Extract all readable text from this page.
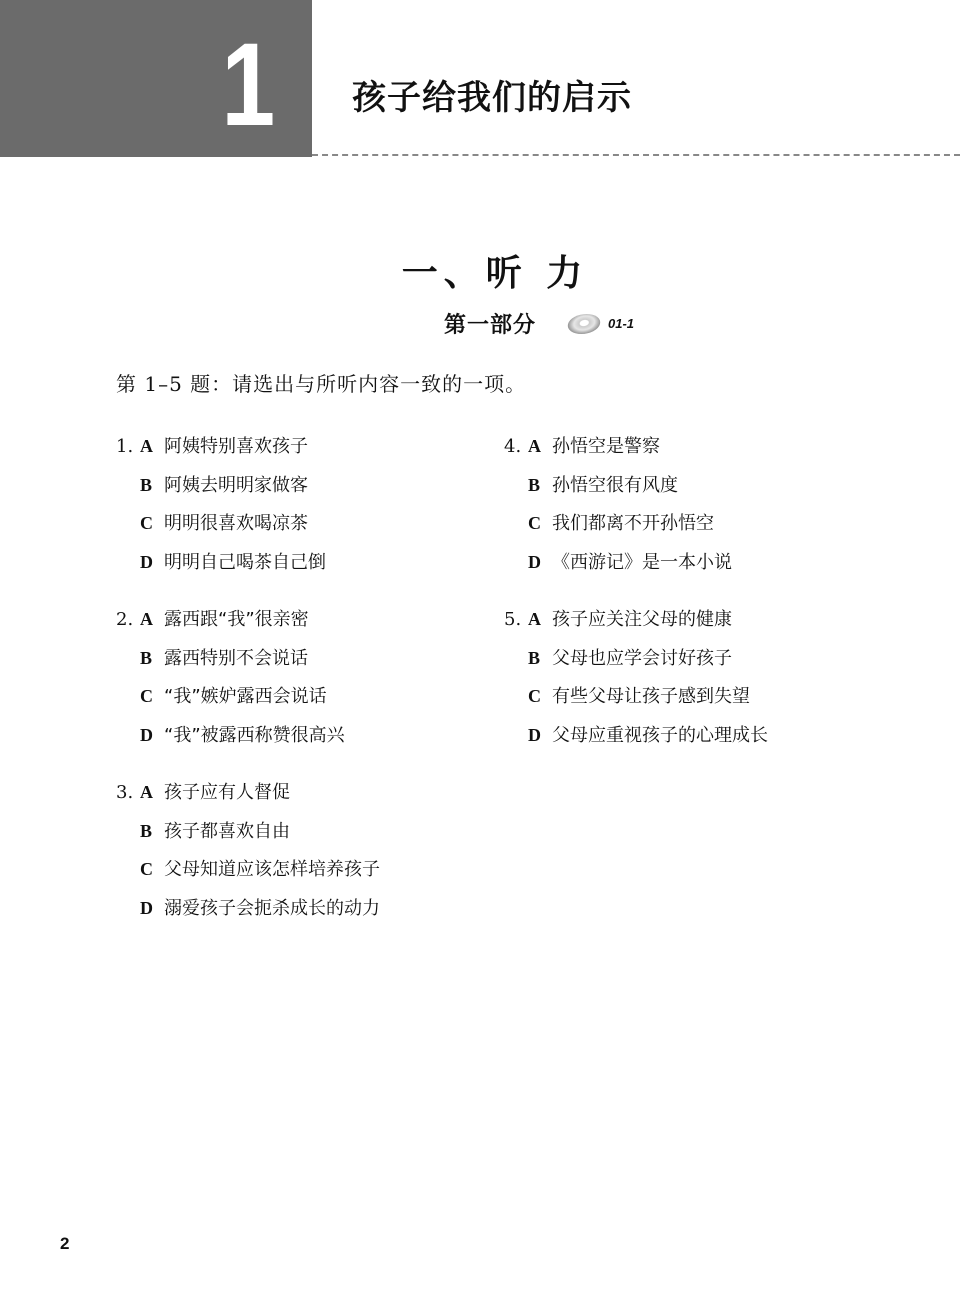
1 孩子给我们的启示
一、听 力
第一部分	01-1
第 1–5 题：请选出与所听内容一致的一项。
1. A 阿姨特别喜欢孩子
B 阿姨去明明家做客
C 明明很喜欢喝凉茶
D 明明自己喝茶自己倒
2. A 露西跟“我”很亲密
B 露西特别不会说话
C “我”嫉妒露西会说话
D “我”被露西称赞很高兴
3. A 孩子应有人督促
B 孩子都喜欢自由
C 父母知道应该怎样培养孩子
D 溺爱孩子会扼杀成长的动力
4. A 孙悟空是警察
B 孙悟空很有风度
C 我们都离不开孙悟空
D 《西游记》是一本小说
5. A 孩子应关注父母的健康
B 父母也应学会讨好孩子
C 有些父母让孩子感到失望
D 父母应重视孩子的心理成长
2
